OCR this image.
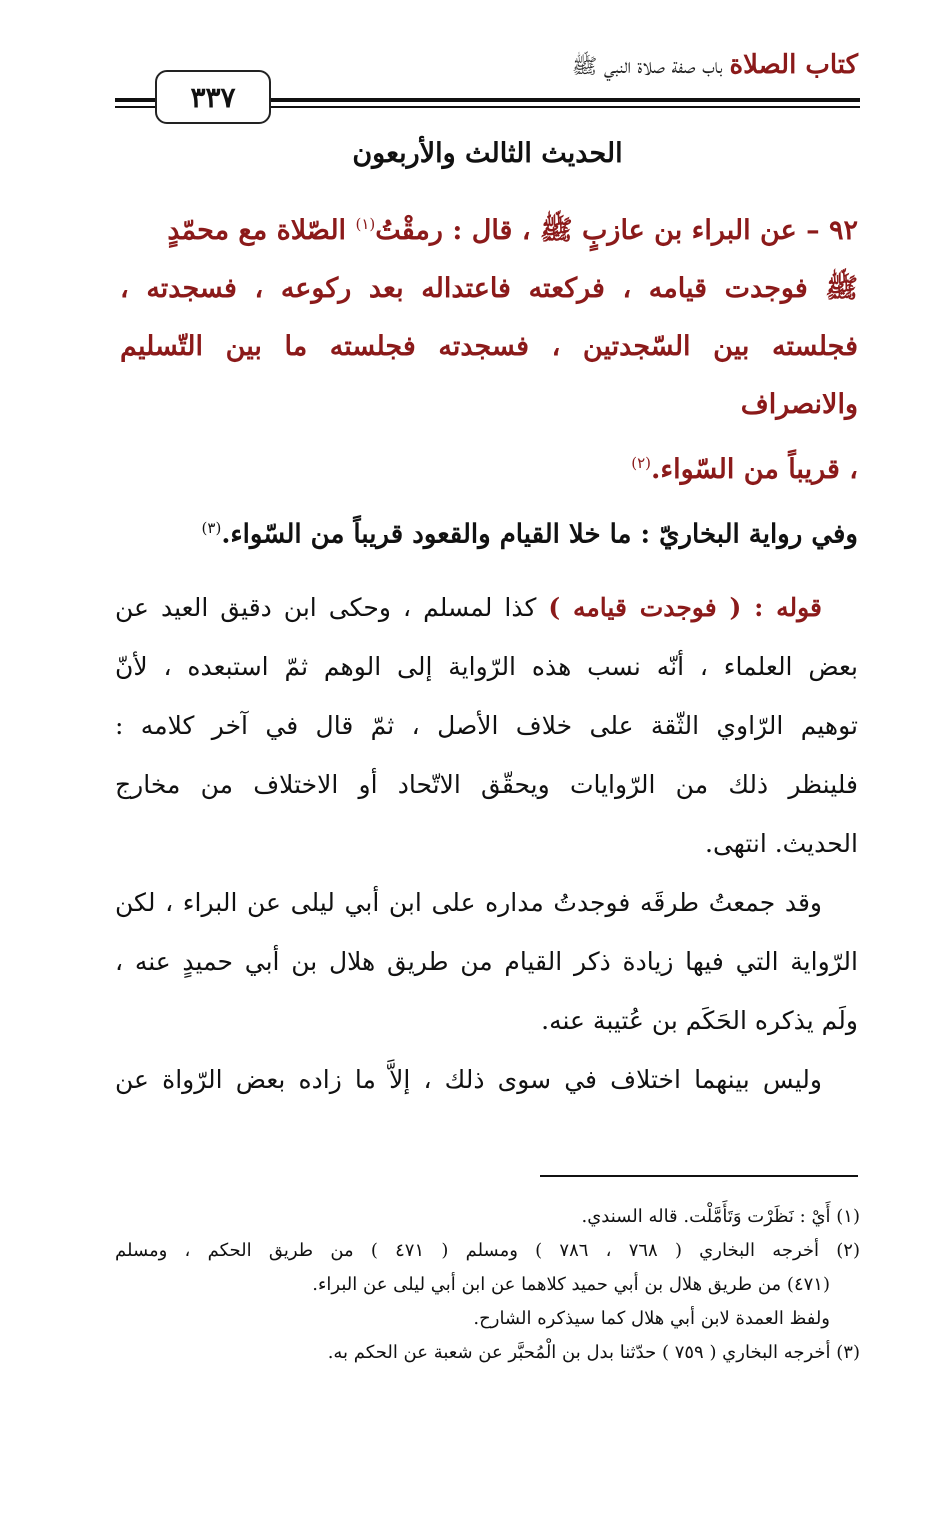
كتاب الصلاة باب صفة صلاة النبي ﷺ
٣٣٧
الحديث الثالث والأربعون
٩٢ – عن البراء بن عازبٍ ﷺ ، قال : رمقْتُ$^{(١)}$ الصّلاة مع محمّدٍ
ﷺ فوجدت قيامه ، فركعته فاعتداله بعد ركوعه ، فسجدته ،
فجلسته بين السّجدتين ، فسجدته فجلسته ما بين التّسليم والانصراف
، قريباً من السّواء.$^{(٢)}$
وفي رواية البخاريّ : ما خلا القيام والقعود قريباً من السّواء.$^{(٣)}$
قوله : ( فوجدت قيامه ) كذا لمسلم ، وحكى ابن دقيق العيد عن
بعض العلماء ، أنّه نسب هذه الرّواية إلى الوهم ثمّ استبعده ، لأنّ
توهيم الرّاوي الثّقة على خلاف الأصل ، ثمّ قال في آخر كلامه :
فلينظر ذلك من الرّوايات ويحقّق الاتّحاد أو الاختلاف من مخارج
الحديث. انتهى.
وقد جمعتُ طرقَه فوجدتُ مداره على ابن أبي ليلى عن البراء ، لكن
الرّواية التي فيها زيادة ذكر القيام من طريق هلال بن أبي حميدٍ عنه ،
ولَم يذكره الحَكَم بن عُتيبة عنه.
وليس بينهما اختلاف في سوى ذلك ، إلاَّ ما زاده بعض الرّواة عن
(١) أَيْ : نَظَرْت وَتَأَمَّلْت. قاله السندي.
(٢) أخرجه البخاري ( ٧٦٨ ، ٧٨٦ ) ومسلم ( ٤٧١ ) من طريق الحكم ، ومسلم
(٤٧١) من طريق هلال بن أبي حميد كلاهما عن ابن أبي ليلى عن البراء.
ولفظ العمدة لابن أبي هلال كما سيذكره الشارح.
(٣) أخرجه البخاري ( ٧٥٩ ) حدّثنا بدل بن الْمُحبَّر عن شعبة عن الحكم به.
